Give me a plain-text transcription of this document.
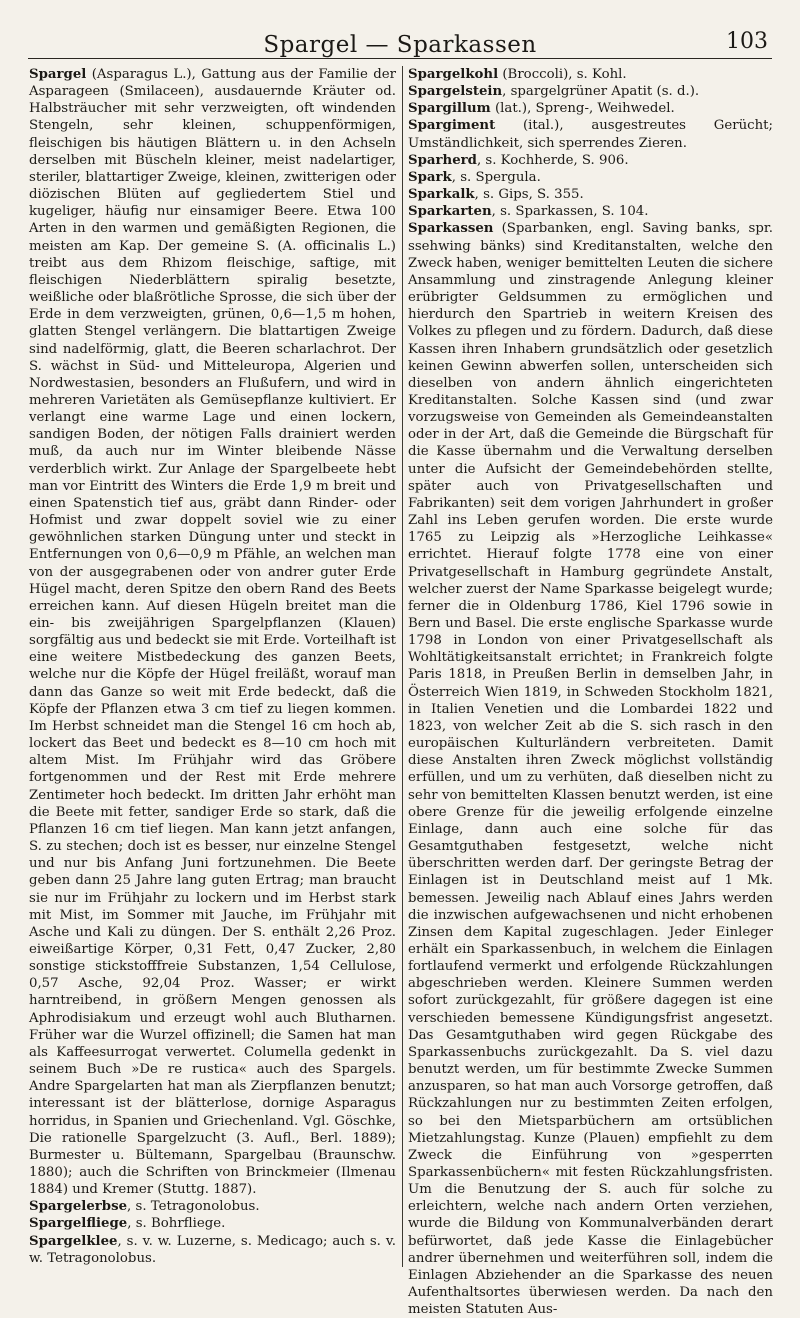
Spargel — Sparkassen	103

Spargel (Asparagus L.), Gattung aus der Familie der Asparageen (Smilaceen), ausdauernde Kräuter od. Halbsträucher mit sehr verzweigten, oft windenden Stengeln, sehr kleinen, schuppenförmigen, fleischigen bis häutigen Blättern u. in den Achseln derselben mit Büscheln kleiner, meist nadelartiger, steriler, blattartiger Zweige, kleinen, zwitterigen oder diözischen Blüten auf gegliedertem Stiel und kugeliger, häufig nur einsamiger Beere. Etwa 100 Arten in den warmen und gemäßigten Regionen, die meisten am Kap. Der gemeine S. (A. officinalis L.) treibt aus dem Rhizom fleischige, saftige, mit fleischigen Niederblättern spiralig besetzte, weißliche oder blaßrötliche Sprosse, die sich über der Erde in dem verzweigten, grünen, 0,6—1,5 m hohen, glatten Stengel verlängern. Die blattartigen Zweige sind nadelförmig, glatt, die Beeren scharlachrot. Der S. wächst in Süd- und Mitteleuropa, Algerien und Nordwestasien, besonders an Flußufern, und wird in mehreren Varietäten als Gemüsepflanze kultiviert. Er verlangt eine warme Lage und einen lockern, sandigen Boden, der nötigen Falls drainiert werden muß, da auch nur im Winter bleibende Nässe verderblich wirkt. Zur Anlage der Spargelbeete hebt man vor Eintritt des Winters die Erde 1,9 m breit und einen Spatenstich tief aus, gräbt dann Rinder- oder Hofmist und zwar doppelt soviel wie zu einer gewöhnlichen starken Düngung unter und steckt in Entfernungen von 0,6—0,9 m Pfähle, an welchen man von der ausgegrabenen oder von andrer guter Erde Hügel macht, deren Spitze den obern Rand des Beets erreichen kann. Auf diesen Hügeln breitet man die ein- bis zweijährigen Spargelpflanzen (Klauen) sorgfältig aus und bedeckt sie mit Erde. Vorteilhaft ist eine weitere Mistbedeckung des ganzen Beets, welche nur die Köpfe der Hügel freiläßt, worauf man dann das Ganze so weit mit Erde bedeckt, daß die Köpfe der Pflanzen etwa 3 cm tief zu liegen kommen. Im Herbst schneidet man die Stengel 16 cm hoch ab, lockert das Beet und bedeckt es 8—10 cm hoch mit altem Mist. Im Frühjahr wird das Gröbere fortgenommen und der Rest mit Erde mehrere Zentimeter hoch bedeckt. Im dritten Jahr erhöht man die Beete mit fetter, sandiger Erde so stark, daß die Pflanzen 16 cm tief liegen. Man kann jetzt anfangen, S. zu stechen; doch ist es besser, nur einzelne Stengel und nur bis Anfang Juni fortzunehmen. Die Beete geben dann 25 Jahre lang guten Ertrag; man braucht sie nur im Frühjahr zu lockern und im Herbst stark mit Mist, im Sommer mit Jauche, im Frühjahr mit Asche und Kali zu düngen. Der S. enthält 2,26 Proz. eiweißartige Körper, 0,31 Fett, 0,47 Zucker, 2,80 sonstige stickstofffreie Substanzen, 1,54 Cellulose, 0,57 Asche, 92,04 Proz. Wasser; er wirkt harntreibend, in größern Mengen genossen als Aphrodisiakum und erzeugt wohl auch Blutharnen. Früher war die Wurzel offizinell; die Samen hat man als Kaffeesurrogat verwertet. Columella gedenkt in seinem Buch »De re rustica« auch des Spargels. Andre Spargelarten hat man als Zierpflanzen benutzt; interessant ist der blätterlose, dornige Asparagus horridus, in Spanien und Griechenland. Vgl. Göschke, Die rationelle Spargelzucht (3. Aufl., Berl. 1889); Burmester u. Bültemann, Spargelbau (Braunschw. 1880); auch die Schriften von Brinckmeier (Ilmenau 1884) und Kremer (Stuttg. 1887).

Spargelerbse, s. Tetragonolobus.

Spargelfliege, s. Bohrfliege.

Spargelklee, s. v. w. Luzerne, s. Medicago; auch s. v. w. Tetragonolobus.

Spargelkohl (Broccoli), s. Kohl.

Spargelstein, spargelgrüner Apatit (s. d.).

Spargillum (lat.), Spreng-, Weihwedel.

Spargiment (ital.), ausgestreutes Gerücht; Umständlichkeit, sich sperrendes Zieren.

Sparherd, s. Kochherde, S. 906.

Spark, s. Spergula.

Sparkalk, s. Gips, S. 355.

Sparkarten, s. Sparkassen, S. 104.

Sparkassen (Sparbanken, engl. Saving banks, spr. ssehwing bänks) sind Kreditanstalten, welche den Zweck haben, weniger bemittelten Leuten die sichere Ansammlung und zinstragende Anlegung kleiner erübrigter Geldsummen zu ermöglichen und hierdurch den Spartrieb in weitern Kreisen des Volkes zu pflegen und zu fördern. Dadurch, daß diese Kassen ihren Inhabern grundsätzlich oder gesetzlich keinen Gewinn abwerfen sollen, unterscheiden sich dieselben von andern ähnlich eingerichteten Kreditanstalten. Solche Kassen sind (und zwar vorzugsweise von Gemeinden als Gemeindeanstalten oder in der Art, daß die Gemeinde die Bürgschaft für die Kasse übernahm und die Verwaltung derselben unter die Aufsicht der Gemeindebehörden stellte, später auch von Privatgesellschaften und Fabrikanten) seit dem vorigen Jahrhundert in großer Zahl ins Leben gerufen worden. Die erste wurde 1765 zu Leipzig als »Herzogliche Leihkasse« errichtet. Hierauf folgte 1778 eine von einer Privatgesellschaft in Hamburg gegründete Anstalt, welcher zuerst der Name Sparkasse beigelegt wurde; ferner die in Oldenburg 1786, Kiel 1796 sowie in Bern und Basel. Die erste englische Sparkasse wurde 1798 in London von einer Privatgesellschaft als Wohltätigkeitsanstalt errichtet; in Frankreich folgte Paris 1818, in Preußen Berlin in demselben Jahr, in Österreich Wien 1819, in Schweden Stockholm 1821, in Italien Venetien und die Lombardei 1822 und 1823, von welcher Zeit ab die S. sich rasch in den europäischen Kulturländern verbreiteten. Damit diese Anstalten ihren Zweck möglichst vollständig erfüllen, und um zu verhüten, daß dieselben nicht zu sehr von bemittelten Klassen benutzt werden, ist eine obere Grenze für die jeweilig erfolgende einzelne Einlage, dann auch eine solche für das Gesamtguthaben festgesetzt, welche nicht überschritten werden darf. Der geringste Betrag der Einlagen ist in Deutschland meist auf 1 Mk. bemessen. Jeweilig nach Ablauf eines Jahrs werden die inzwischen aufgewachsenen und nicht erhobenen Zinsen dem Kapital zugeschlagen. Jeder Einleger erhält ein Sparkassenbuch, in welchem die Einlagen fortlaufend vermerkt und erfolgende Rückzahlungen abgeschrieben werden. Kleinere Summen werden sofort zurückgezahlt, für größere dagegen ist eine verschieden bemessene Kündigungsfrist angesetzt. Das Gesamtguthaben wird gegen Rückgabe des Sparkassenbuchs zurückgezahlt. Da S. viel dazu benutzt werden, um für bestimmte Zwecke Summen anzusparen, so hat man auch Vorsorge getroffen, daß Rückzahlungen nur zu bestimmten Zeiten erfolgen, so bei den Mietsparbüchern am ortsüblichen Mietzahlungstag. Kunze (Plauen) empfiehlt zu dem Zweck die Einführung von »gesperrten Sparkassenbüchern« mit festen Rückzahlungsfristen. Um die Benutzung der S. auch für solche zu erleichtern, welche nach andern Orten verziehen, wurde die Bildung von Kommunalverbänden derart befürwortet, daß jede Kasse die Einlagebücher andrer übernehmen und weiterführen soll, indem die Einlagen Abziehender an die Sparkasse des neuen Aufenthaltsortes überwiesen werden. Da nach den meisten Statuten Aus-
